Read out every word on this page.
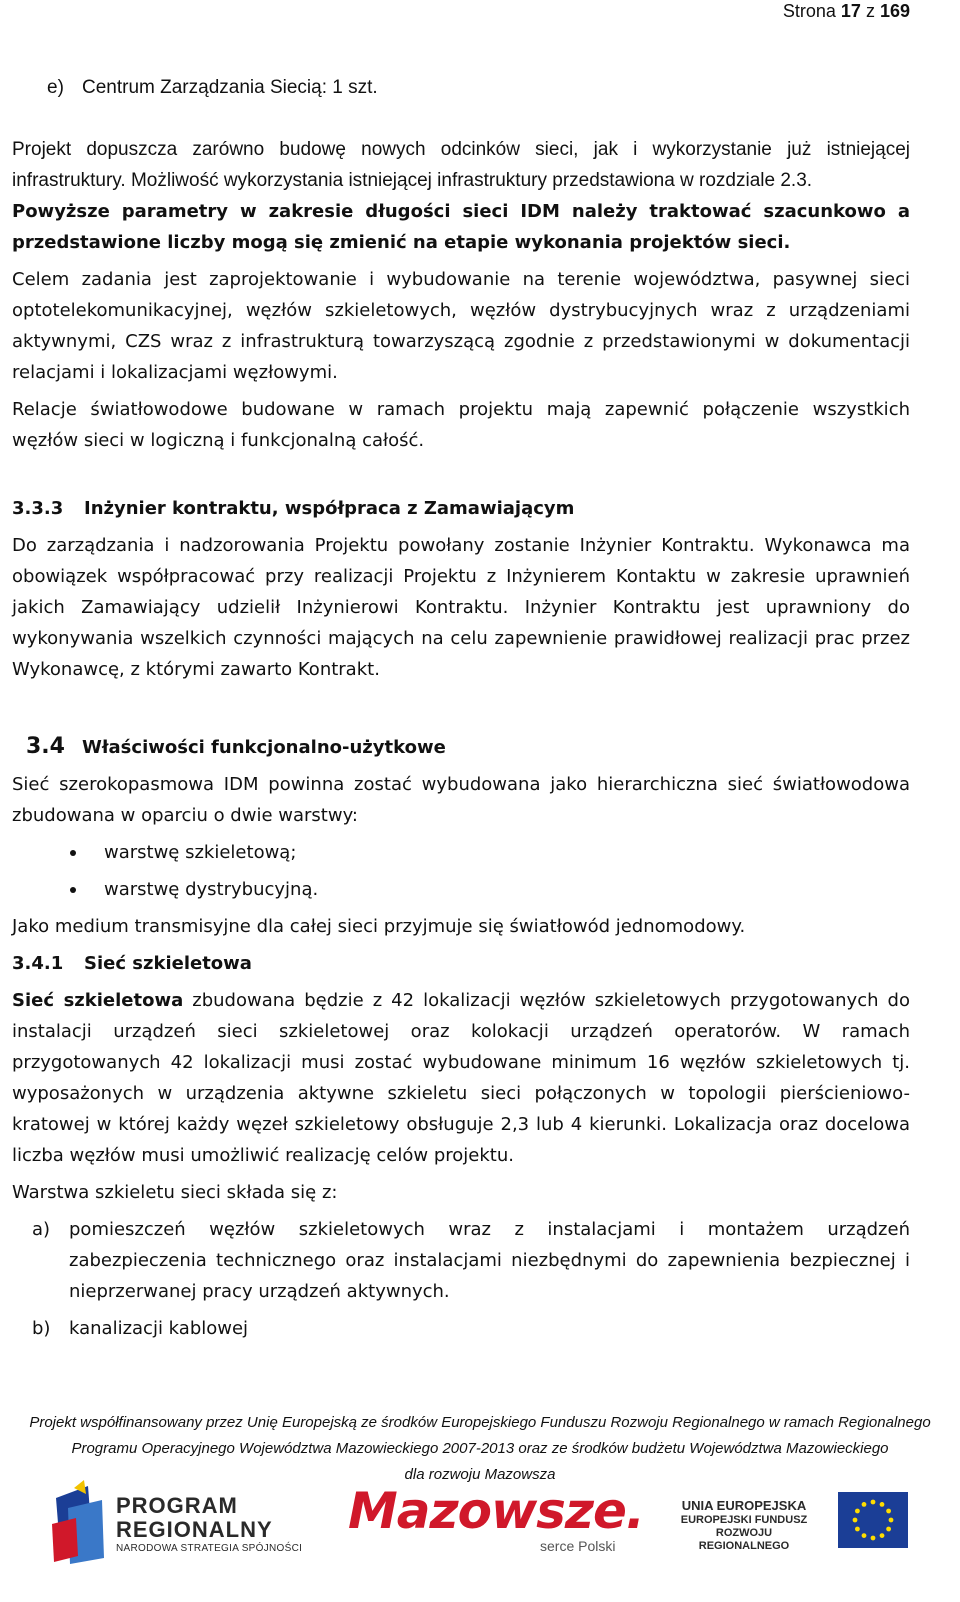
Strona 17 z 169

e) Centrum Zarządzania Siecią: 1 szt.

Projekt dopuszcza zarówno budowę nowych odcinków sieci, jak i wykorzystanie już istniejącej infrastruktury. Możliwość wykorzystania istniejącej infrastruktury przedstawiona w rozdziale 2.3.

Powyższe parametry w zakresie długości sieci IDM należy traktować szacunkowo a przedstawione liczby mogą się zmienić na etapie wykonania projektów sieci.

Celem zadania jest zaprojektowanie i wybudowanie na terenie województwa, pasywnej sieci optotelekomunikacyjnej, węzłów szkieletowych, węzłów dystrybucyjnych wraz z urządzeniami aktywnymi, CZS wraz z infrastrukturą towarzyszącą zgodnie z przedstawionymi w dokumentacji relacjami i lokalizacjami węzłowymi.

Relacje światłowodowe budowane w ramach projektu mają zapewnić połączenie wszystkich węzłów sieci w logiczną i funkcjonalną całość.

3.3.3 Inżynier kontraktu, współpraca z Zamawiającym

Do zarządzania i nadzorowania Projektu powołany zostanie Inżynier Kontraktu. Wykonawca ma obowiązek współpracować przy realizacji Projektu z Inżynierem Kontaktu w zakresie uprawnień jakich Zamawiający udzielił Inżynierowi Kontraktu. Inżynier Kontraktu jest uprawniony do wykonywania wszelkich czynności mających na celu zapewnienie prawidłowej realizacji prac przez Wykonawcę, z którymi zawarto Kontrakt.

3.4 Właściwości funkcjonalno-użytkowe

Sieć szerokopasmowa IDM powinna zostać wybudowana jako hierarchiczna sieć światłowodowa zbudowana w oparciu o dwie warstwy:

warstwę szkieletową;
warstwę dystrybucyjną.

Jako medium transmisyjne dla całej sieci przyjmuje się światłowód jednomodowy.

3.4.1 Sieć szkieletowa

Sieć szkieletowa zbudowana będzie z 42 lokalizacji węzłów szkieletowych przygotowanych do instalacji urządzeń sieci szkieletowej oraz kolokacji urządzeń operatorów. W ramach przygotowanych 42 lokalizacji musi zostać wybudowane minimum 16 węzłów szkieletowych tj. wyposażonych w urządzenia aktywne szkieletu sieci połączonych w topologii pierścieniowo-kratowej w której każdy węzeł szkieletowy obsługuje 2,3 lub 4 kierunki. Lokalizacja oraz docelowa liczba węzłów musi umożliwić realizację celów projektu.

Warstwa szkieletu sieci składa się z:

a) pomieszczeń węzłów szkieletowych wraz z instalacjami i montażem urządzeń zabezpieczenia technicznego oraz instalacjami niezbędnymi do zapewnienia bezpiecznej i nieprzerwanej pracy urządzeń aktywnych.
b) kanalizacji kablowej
Projekt współfinansowany przez Unię Europejską ze środków Europejskiego Funduszu Rozwoju Regionalnego w ramach Regionalnego
Programu Operacyjnego Województwa Mazowieckiego 2007-2013 oraz ze środków budżetu Województwa Mazowieckiego
dla rozwoju Mazowsza
PROGRAM
REGIONALNY
NARODOWA STRATEGIA SPÓJNOŚCI
Mazowsze.
serce Polski
UNIA EUROPEJSKA
EUROPEJSKI FUNDUSZ
ROZWOJU REGIONALNEGO
